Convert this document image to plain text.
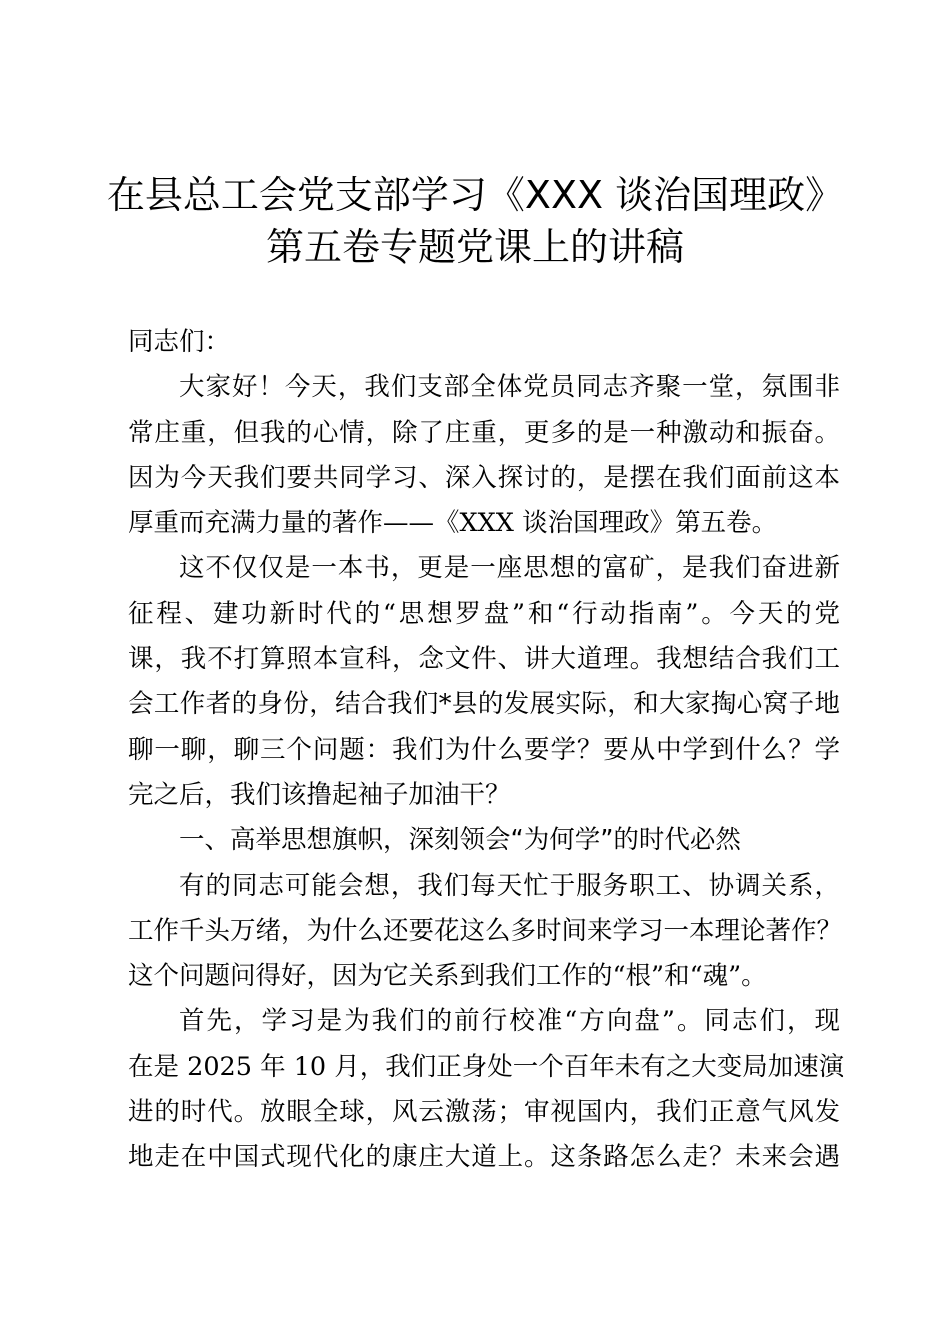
在县总工会党支部学习《XXX 谈治国理政》
第五卷专题党课上的讲稿

同志们：

大家好！今天，我们支部全体党员同志齐聚一堂，氛围非
常庄重，但我的心情，除了庄重，更多的是一种激动和振奋。
因为今天我们要共同学习、深入探讨的，是摆在我们面前这本
厚重而充满力量的著作——《XXX 谈治国理政》第五卷。

这不仅仅是一本书，更是一座思想的富矿，是我们奋进新
征程、建功新时代的“思想罗盘”和“行动指南”。今天的党
课，我不打算照本宣科，念文件、讲大道理。我想结合我们工
会工作者的身份，结合我们*县的发展实际，和大家掏心窝子地
聊一聊，聊三个问题：我们为什么要学？要从中学到什么？学
完之后，我们该撸起袖子加油干？

一、高举思想旗帜，深刻领会“为何学”的时代必然

有的同志可能会想，我们每天忙于服务职工、协调关系，
工作千头万绪，为什么还要花这么多时间来学习一本理论著作？
这个问题问得好，因为它关系到我们工作的“根”和“魂”。

首先，学习是为我们的前行校准“方向盘”。同志们，现
在是 2025 年 10 月，我们正身处一个百年未有之大变局加速演
进的时代。放眼全球，风云激荡；审视国内，我们正意气风发
地走在中国式现代化的康庄大道上。这条路怎么走？未来会遇
